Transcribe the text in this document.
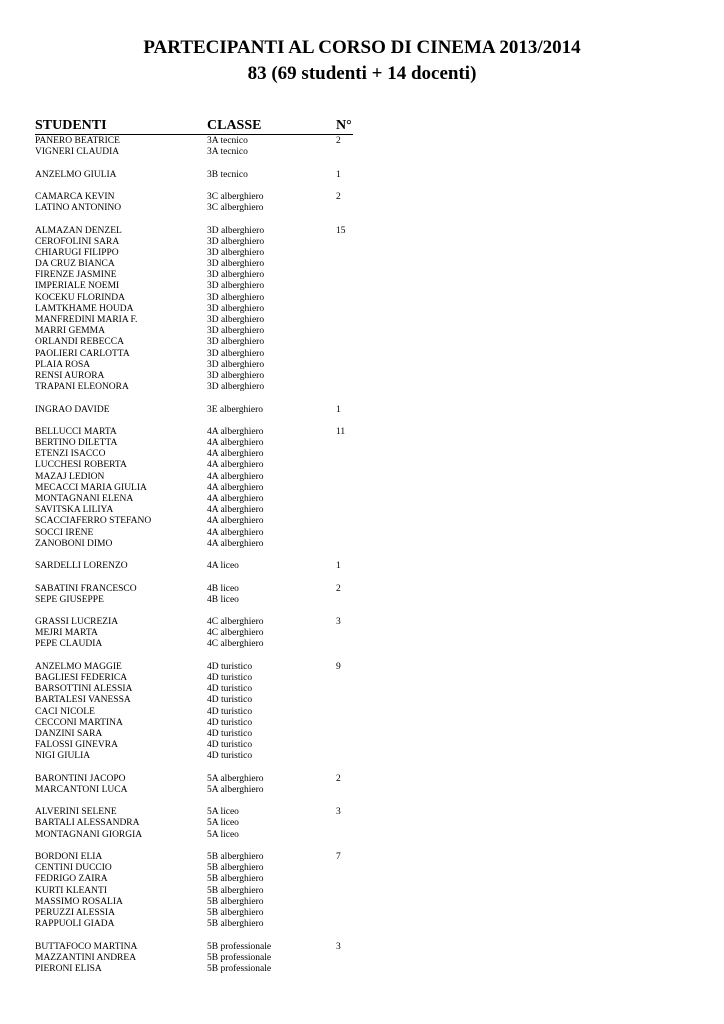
PARTECIPANTI AL CORSO DI CINEMA 2013/2014
83 (69 studenti + 14 docenti)
STUDENTI	CLASSE	N°
PANERO BEATRICE	3A tecnico	2
VIGNERI CLAUDIA	3A tecnico
ANZELMO GIULIA	3B tecnico	1
CAMARCA KEVIN	3C alberghiero	2
LATINO ANTONINO	3C alberghiero
ALMAZAN DENZEL	3D alberghiero	15
CEROFOLINI SARA	3D alberghiero
CHIARUGI FILIPPO	3D alberghiero
DA CRUZ BIANCA	3D alberghiero
FIRENZE JASMINE	3D alberghiero
IMPERIALE NOEMI	3D alberghiero
KOCEKU FLORINDA	3D alberghiero
LAMTKHAME HOUDA	3D alberghiero
MANFREDINI MARIA F.	3D alberghiero
MARRI GEMMA	3D alberghiero
ORLANDI REBECCA	3D alberghiero
PAOLIERI CARLOTTA	3D alberghiero
PLAIA ROSA	3D alberghiero
RENSI AURORA	3D alberghiero
TRAPANI ELEONORA	3D alberghiero
INGRAO DAVIDE	3E alberghiero	1
BELLUCCI MARTA	4A alberghiero	11
BERTINO DILETTA	4A alberghiero
ETENZI ISACCO	4A alberghiero
LUCCHESI ROBERTA	4A alberghiero
MAZAJ LEDION	4A alberghiero
MECACCI MARIA GIULIA	4A alberghiero
MONTAGNANI ELENA	4A alberghiero
SAVITSKA LILIYA	4A alberghiero
SCACCIAFERRO STEFANO	4A alberghiero
SOCCI IRENE	4A alberghiero
ZANOBONI DIMO	4A alberghiero
SARDELLI LORENZO	4A liceo	1
SABATINI FRANCESCO	4B liceo	2
SEPE GIUSEPPE	4B liceo
GRASSI LUCREZIA	4C alberghiero	3
MEJRI MARTA	4C alberghiero
PEPE CLAUDIA	4C alberghiero
ANZELMO MAGGIE	4D turistico	9
BAGLIESI FEDERICA	4D turistico
BARSOTTINI ALESSIA	4D turistico
BARTALESI VANESSA	4D turistico
CACI NICOLE	4D turistico
CECCONI MARTINA	4D turistico
DANZINI SARA	4D turistico
FALOSSI GINEVRA	4D turistico
NIGI GIULIA	4D turistico
BARONTINI JACOPO	5A alberghiero	2
MARCANTONI LUCA	5A alberghiero
ALVERINI SELENE	5A liceo	3
BARTALI ALESSANDRA	5A liceo
MONTAGNANI GIORGIA	5A liceo
BORDONI ELIA	5B alberghiero	7
CENTINI DUCCIO	5B alberghiero
FEDRIGO ZAIRA	5B alberghiero
KURTI KLEANTI	5B alberghiero
MASSIMO ROSALIA	5B alberghiero
PERUZZI ALESSIA	5B alberghiero
RAPPUOLI GIADA	5B alberghiero
BUTTAFOCO MARTINA	5B professionale	3
MAZZANTINI ANDREA	5B professionale
PIERONI ELISA	5B professionale
